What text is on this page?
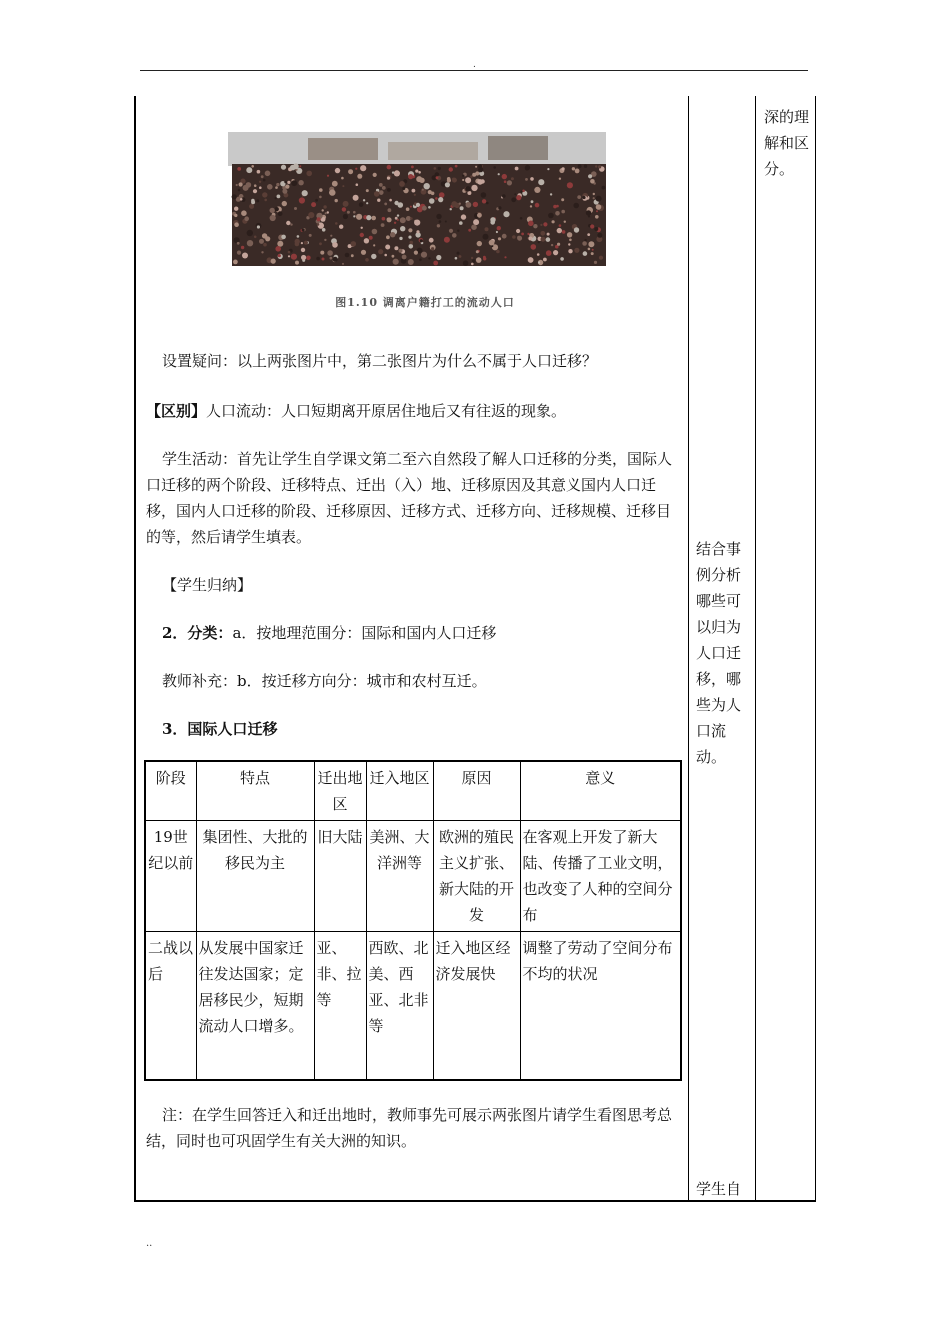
.
图1.10 调离户籍打工的流动人口

设置疑问：以上两张图片中，第二张图片为什么不属于人口迁移？

【区别】人口流动：人口短期离开原居住地后又有往返的现象。

学生活动：首先让学生自学课文第二至六自然段了解人口迁移的分类，国际人口迁移的两个阶段、迁移特点、迁出（入）地、迁移原因及其意义国内人口迁移，国内人口迁移的阶段、迁移原因、迁移方式、迁移方向、迁移规模、迁移目的等，然后请学生填表。

【学生归纳】

2．分类：a．按地理范围分：国际和国内人口迁移

教师补充：b．按迁移方向分：城市和农村互迁。

3．国际人口迁移

阶段	特点	迁出地区	迁入地区	原因	意义
19世纪以前	集团性、大批的移民为主	旧大陆	美洲、大洋洲等	欧洲的殖民主义扩张、新大陆的开发	在客观上开发了新大陆、传播了工业文明，也改变了人种的空间分布
二战以后	从发展中国家迁往发达国家；定居移民少，短期流动人口增多。	亚、非、拉等	西欧、北美、西亚、北非等	迁入地区经济发展快	调整了劳动了空间分布不均的状况

注：在学生回答迁入和迁出地时，教师事先可展示两张图片请学生看图思考总结，同时也可巩固学生有关大洲的知识。

深的理解和区分。
结合事例分析哪些可以归为人口迁移，哪些为人口流动。
学生自
..
